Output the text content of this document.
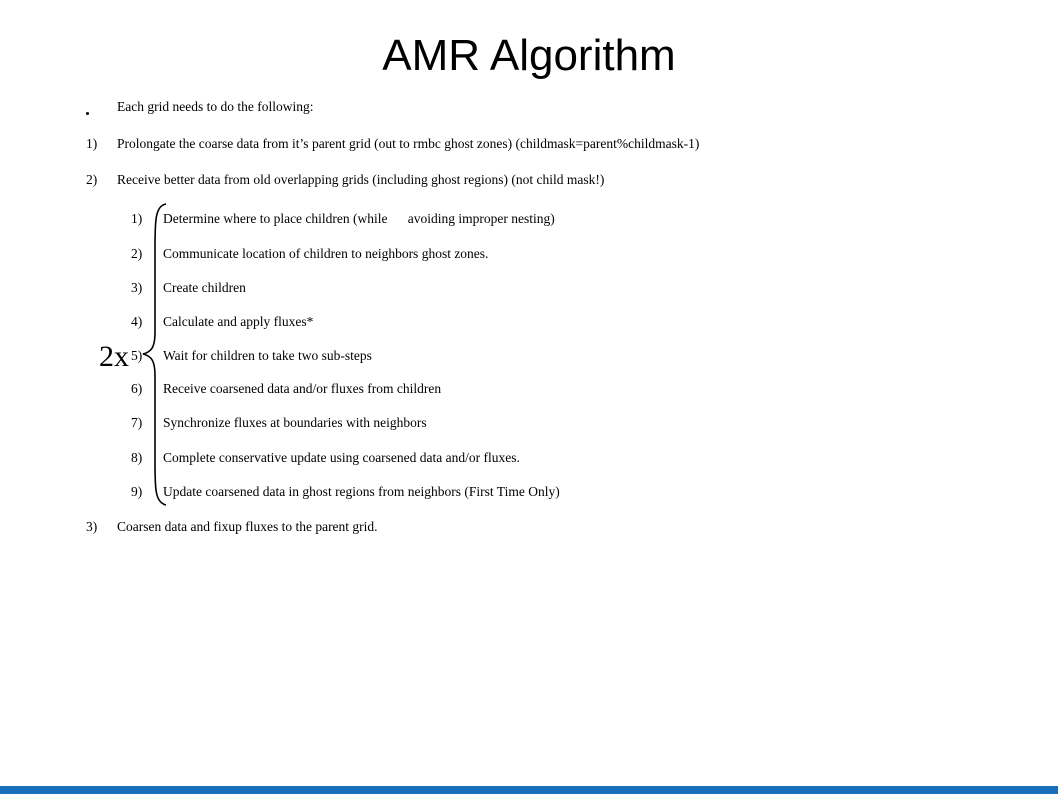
AMR Algorithm
Each grid needs to do the following:
1) Prolongate the coarse data from it’s parent grid (out to rmbc ghost zones) (childmask=parent%childmask-1)
2) Receive better data from old overlapping grids (including ghost regions) (not child mask!)
2x
1) Determine where to place children (while      avoiding improper nesting)
2) Communicate location of children to neighbors ghost zones.
3) Create children
4) Calculate and apply fluxes*
5) Wait for children to take two sub-steps
6) Receive coarsened data and/or fluxes from children
7) Synchronize fluxes at boundaries with neighbors
8) Complete conservative update using coarsened data and/or fluxes.
9) Update coarsened data in ghost regions from neighbors (First Time Only)
3) Coarsen data and fixup fluxes to the parent grid.
